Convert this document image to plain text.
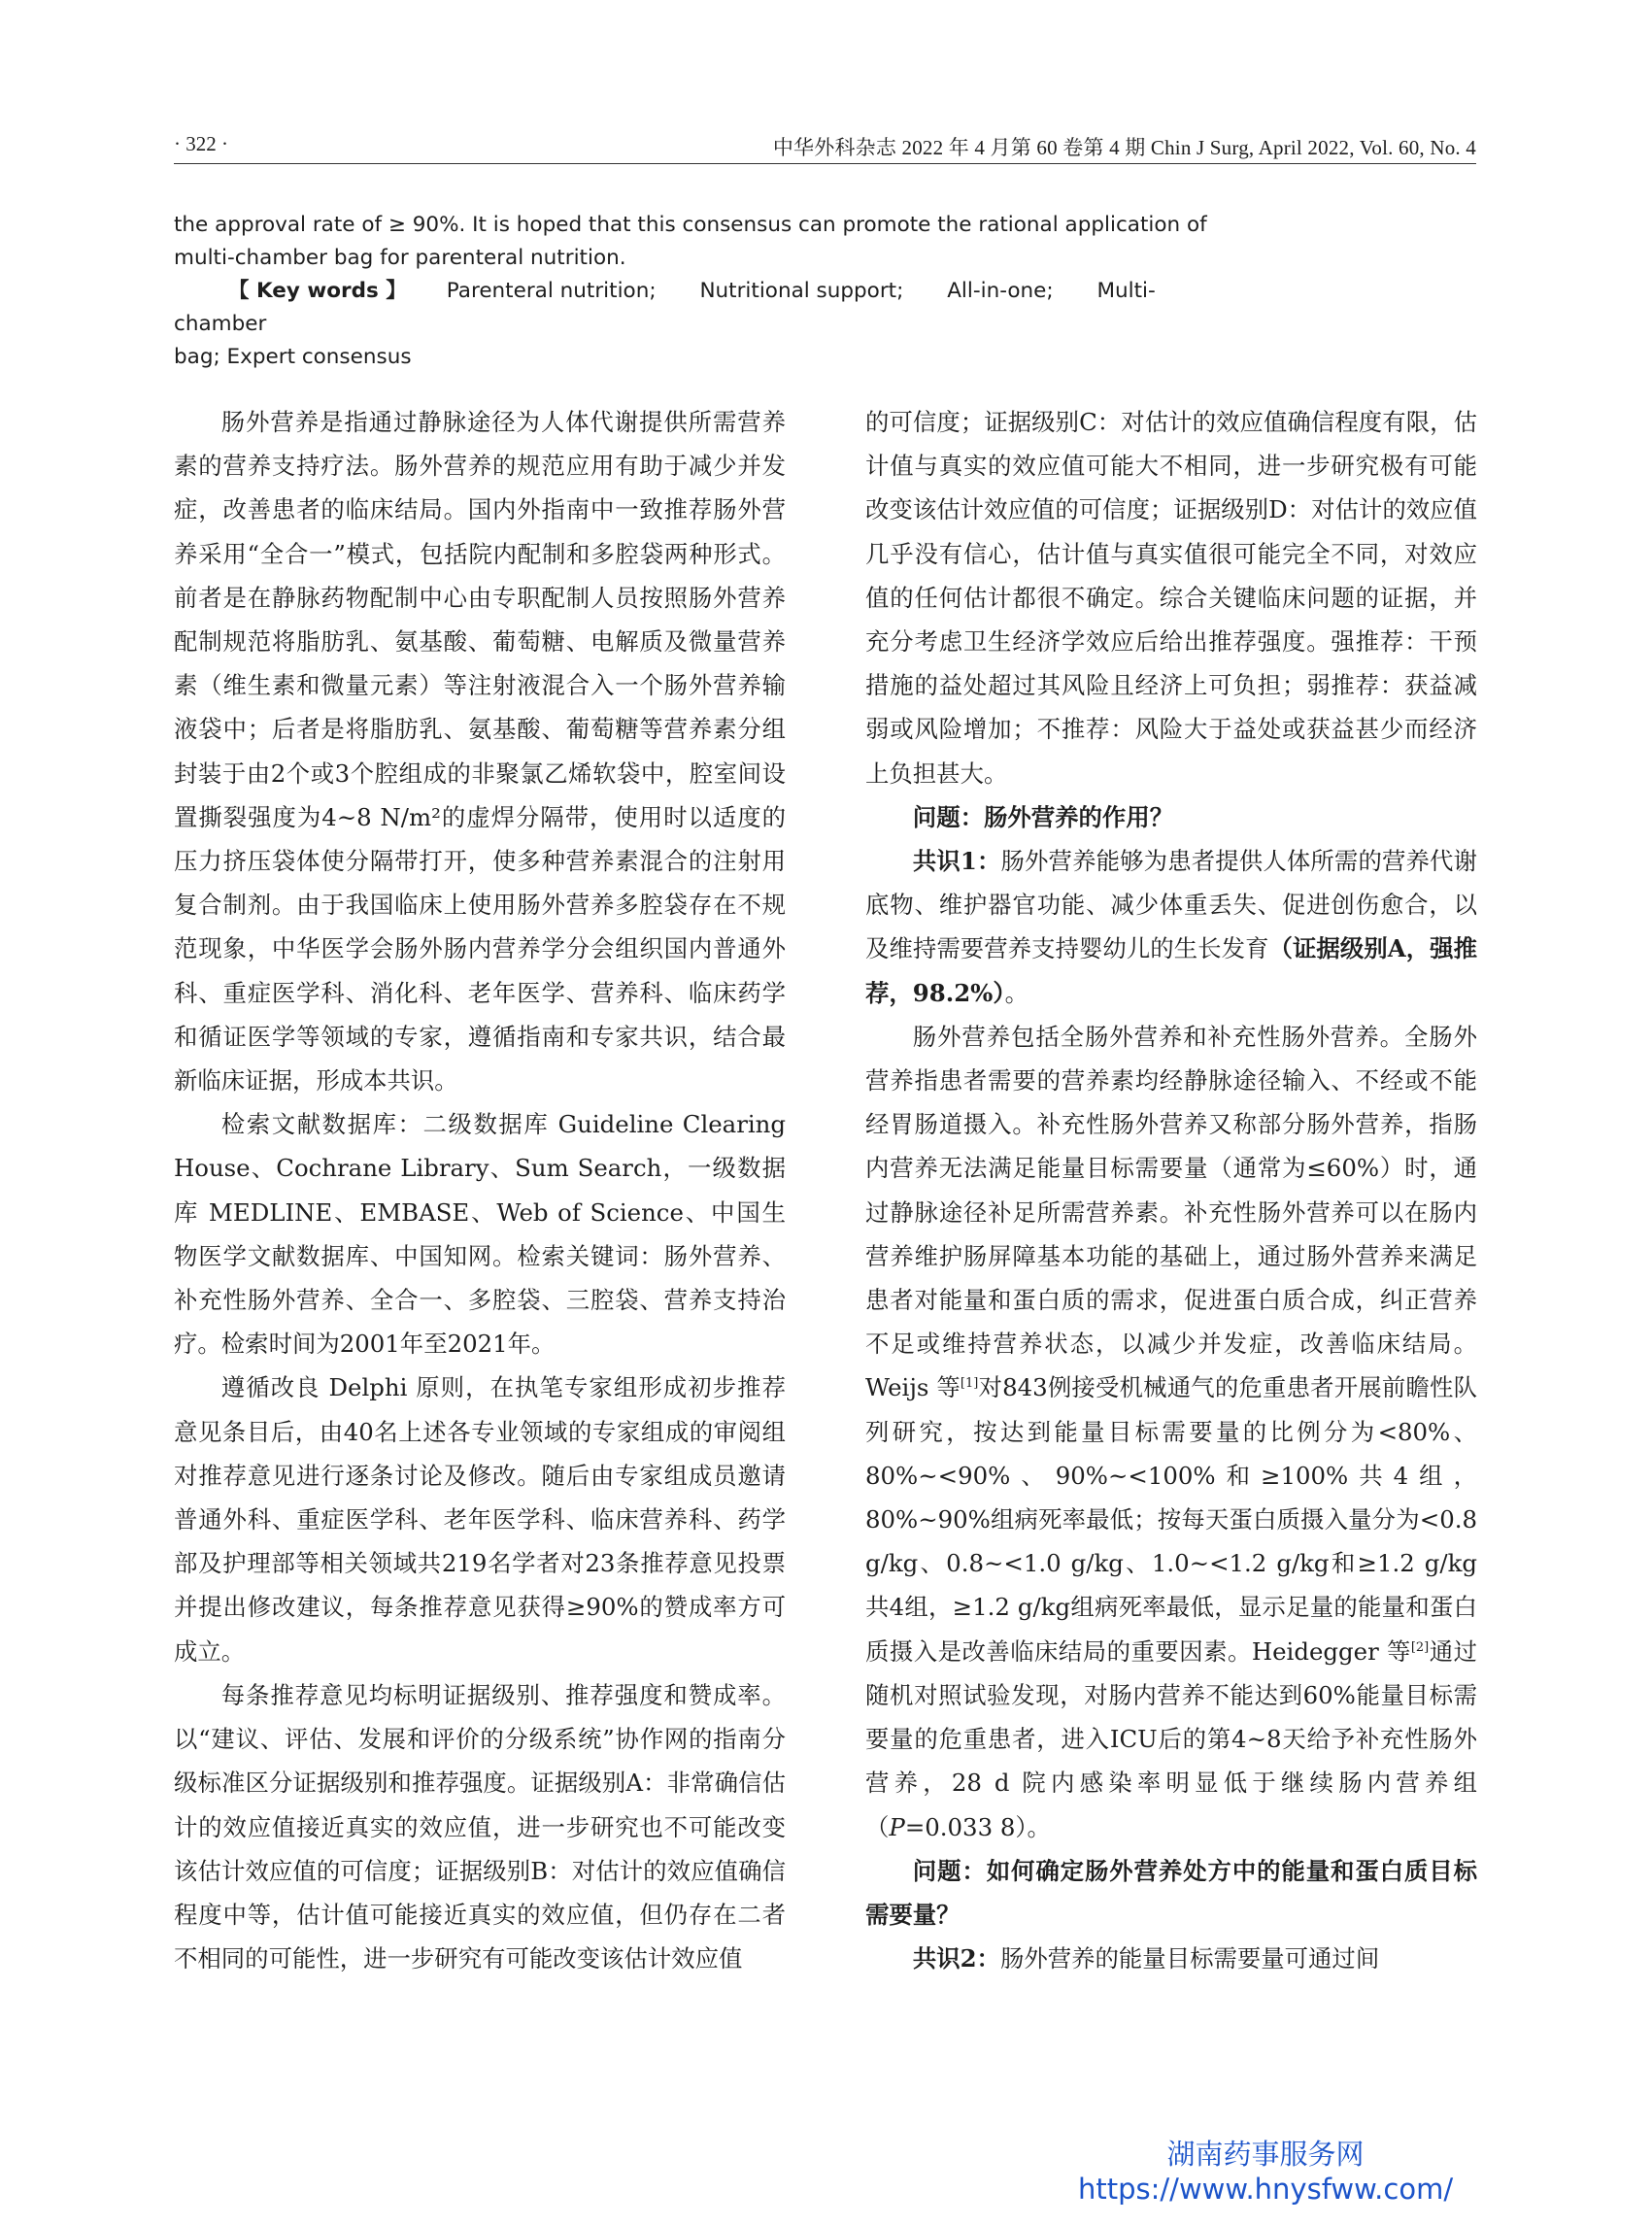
· 322 ·	中华外科杂志 2022 年 4 月第 60 卷第 4 期 Chin J Surg, April 2022, Vol. 60, No. 4

the approval rate of ≥ 90%. It is hoped that this consensus can promote the rational application of

multi-chamber bag for parenteral nutrition.

【 Key words 】 Parenteral nutrition; Nutritional support; All-in-one; Multi-chamber

bag; Expert consensus

肠外营养是指通过静脉途径为人体代谢提供所需营养素的营养支持疗法。肠外营养的规范应用有助于减少并发症，改善患者的临床结局。国内外指南中一致推荐肠外营养采用“全合一”模式，包括院内配制和多腔袋两种形式。前者是在静脉药物配制中心由专职配制人员按照肠外营养配制规范将脂肪乳、氨基酸、葡萄糖、电解质及微量营养素（维生素和微量元素）等注射液混合入一个肠外营养输液袋中；后者是将脂肪乳、氨基酸、葡萄糖等营养素分组封装于由2个或3个腔组成的非聚氯乙烯软袋中，腔室间设置撕裂强度为4~8 N/m²的虚焊分隔带，使用时以适度的压力挤压袋体使分隔带打开，使多种营养素混合的注射用复合制剂。由于我国临床上使用肠外营养多腔袋存在不规范现象，中华医学会肠外肠内营养学分会组织国内普通外科、重症医学科、消化科、老年医学、营养科、临床药学和循证医学等领域的专家，遵循指南和专家共识，结合最新临床证据，形成本共识。

检索文献数据库：二级数据库 Guideline Clearing House、Cochrane Library、Sum Search，一级数据库 MEDLINE、EMBASE、Web of Science、中国生物医学文献数据库、中国知网。检索关键词：肠外营养、补充性肠外营养、全合一、多腔袋、三腔袋、营养支持治疗。检索时间为2001年至2021年。

遵循改良 Delphi 原则，在执笔专家组形成初步推荐意见条目后，由40名上述各专业领域的专家组成的审阅组对推荐意见进行逐条讨论及修改。随后由专家组成员邀请普通外科、重症医学科、老年医学科、临床营养科、药学部及护理部等相关领域共219名学者对23条推荐意见投票并提出修改建议，每条推荐意见获得≥90%的赞成率方可成立。

每条推荐意见均标明证据级别、推荐强度和赞成率。以“建议、评估、发展和评价的分级系统”协作网的指南分级标准区分证据级别和推荐强度。证据级别A：非常确信估计的效应值接近真实的效应值，进一步研究也不可能改变该估计效应值的可信度；证据级别B：对估计的效应值确信程度中等，估计值可能接近真实的效应值，但仍存在二者不相同的可能性，进一步研究有可能改变该估计效应值

的可信度；证据级别C：对估计的效应值确信程度有限，估计值与真实的效应值可能大不相同，进一步研究极有可能改变该估计效应值的可信度；证据级别D：对估计的效应值几乎没有信心，估计值与真实值很可能完全不同，对效应值的任何估计都很不确定。综合关键临床问题的证据，并充分考虑卫生经济学效应后给出推荐强度。强推荐：干预措施的益处超过其风险且经济上可负担；弱推荐：获益减弱或风险增加；不推荐：风险大于益处或获益甚少而经济上负担甚大。

问题：肠外营养的作用？

共识1：肠外营养能够为患者提供人体所需的营养代谢底物、维护器官功能、减少体重丢失、促进创伤愈合，以及维持需要营养支持婴幼儿的生长发育（证据级别A，强推荐，98.2%）。

肠外营养包括全肠外营养和补充性肠外营养。全肠外营养指患者需要的营养素均经静脉途径输入、不经或不能经胃肠道摄入。补充性肠外营养又称部分肠外营养，指肠内营养无法满足能量目标需要量（通常为≤60%）时，通过静脉途径补足所需营养素。补充性肠外营养可以在肠内营养维护肠屏障基本功能的基础上，通过肠外营养来满足患者对能量和蛋白质的需求，促进蛋白质合成，纠正营养不足或维持营养状态，以减少并发症，改善临床结局。Weijs 等[1]对843例接受机械通气的危重患者开展前瞻性队列研究，按达到能量目标需要量的比例分为<80%、80%~<90%、90%~<100%和≥100%共4组，80%~90%组病死率最低；按每天蛋白质摄入量分为<0.8 g/kg、0.8~<1.0 g/kg、1.0~<1.2 g/kg和≥1.2 g/kg共4组，≥1.2 g/kg组病死率最低，显示足量的能量和蛋白质摄入是改善临床结局的重要因素。Heidegger 等[2]通过随机对照试验发现，对肠内营养不能达到60%能量目标需要量的危重患者，进入ICU后的第4~8天给予补充性肠外营养，28 d 院内感染率明显低于继续肠内营养组（P=0.033 8）。

问题：如何确定肠外营养处方中的能量和蛋白质目标需要量？

共识2：肠外营养的能量目标需要量可通过间

湖南药事服务网
https://www.hnysfww.com/
